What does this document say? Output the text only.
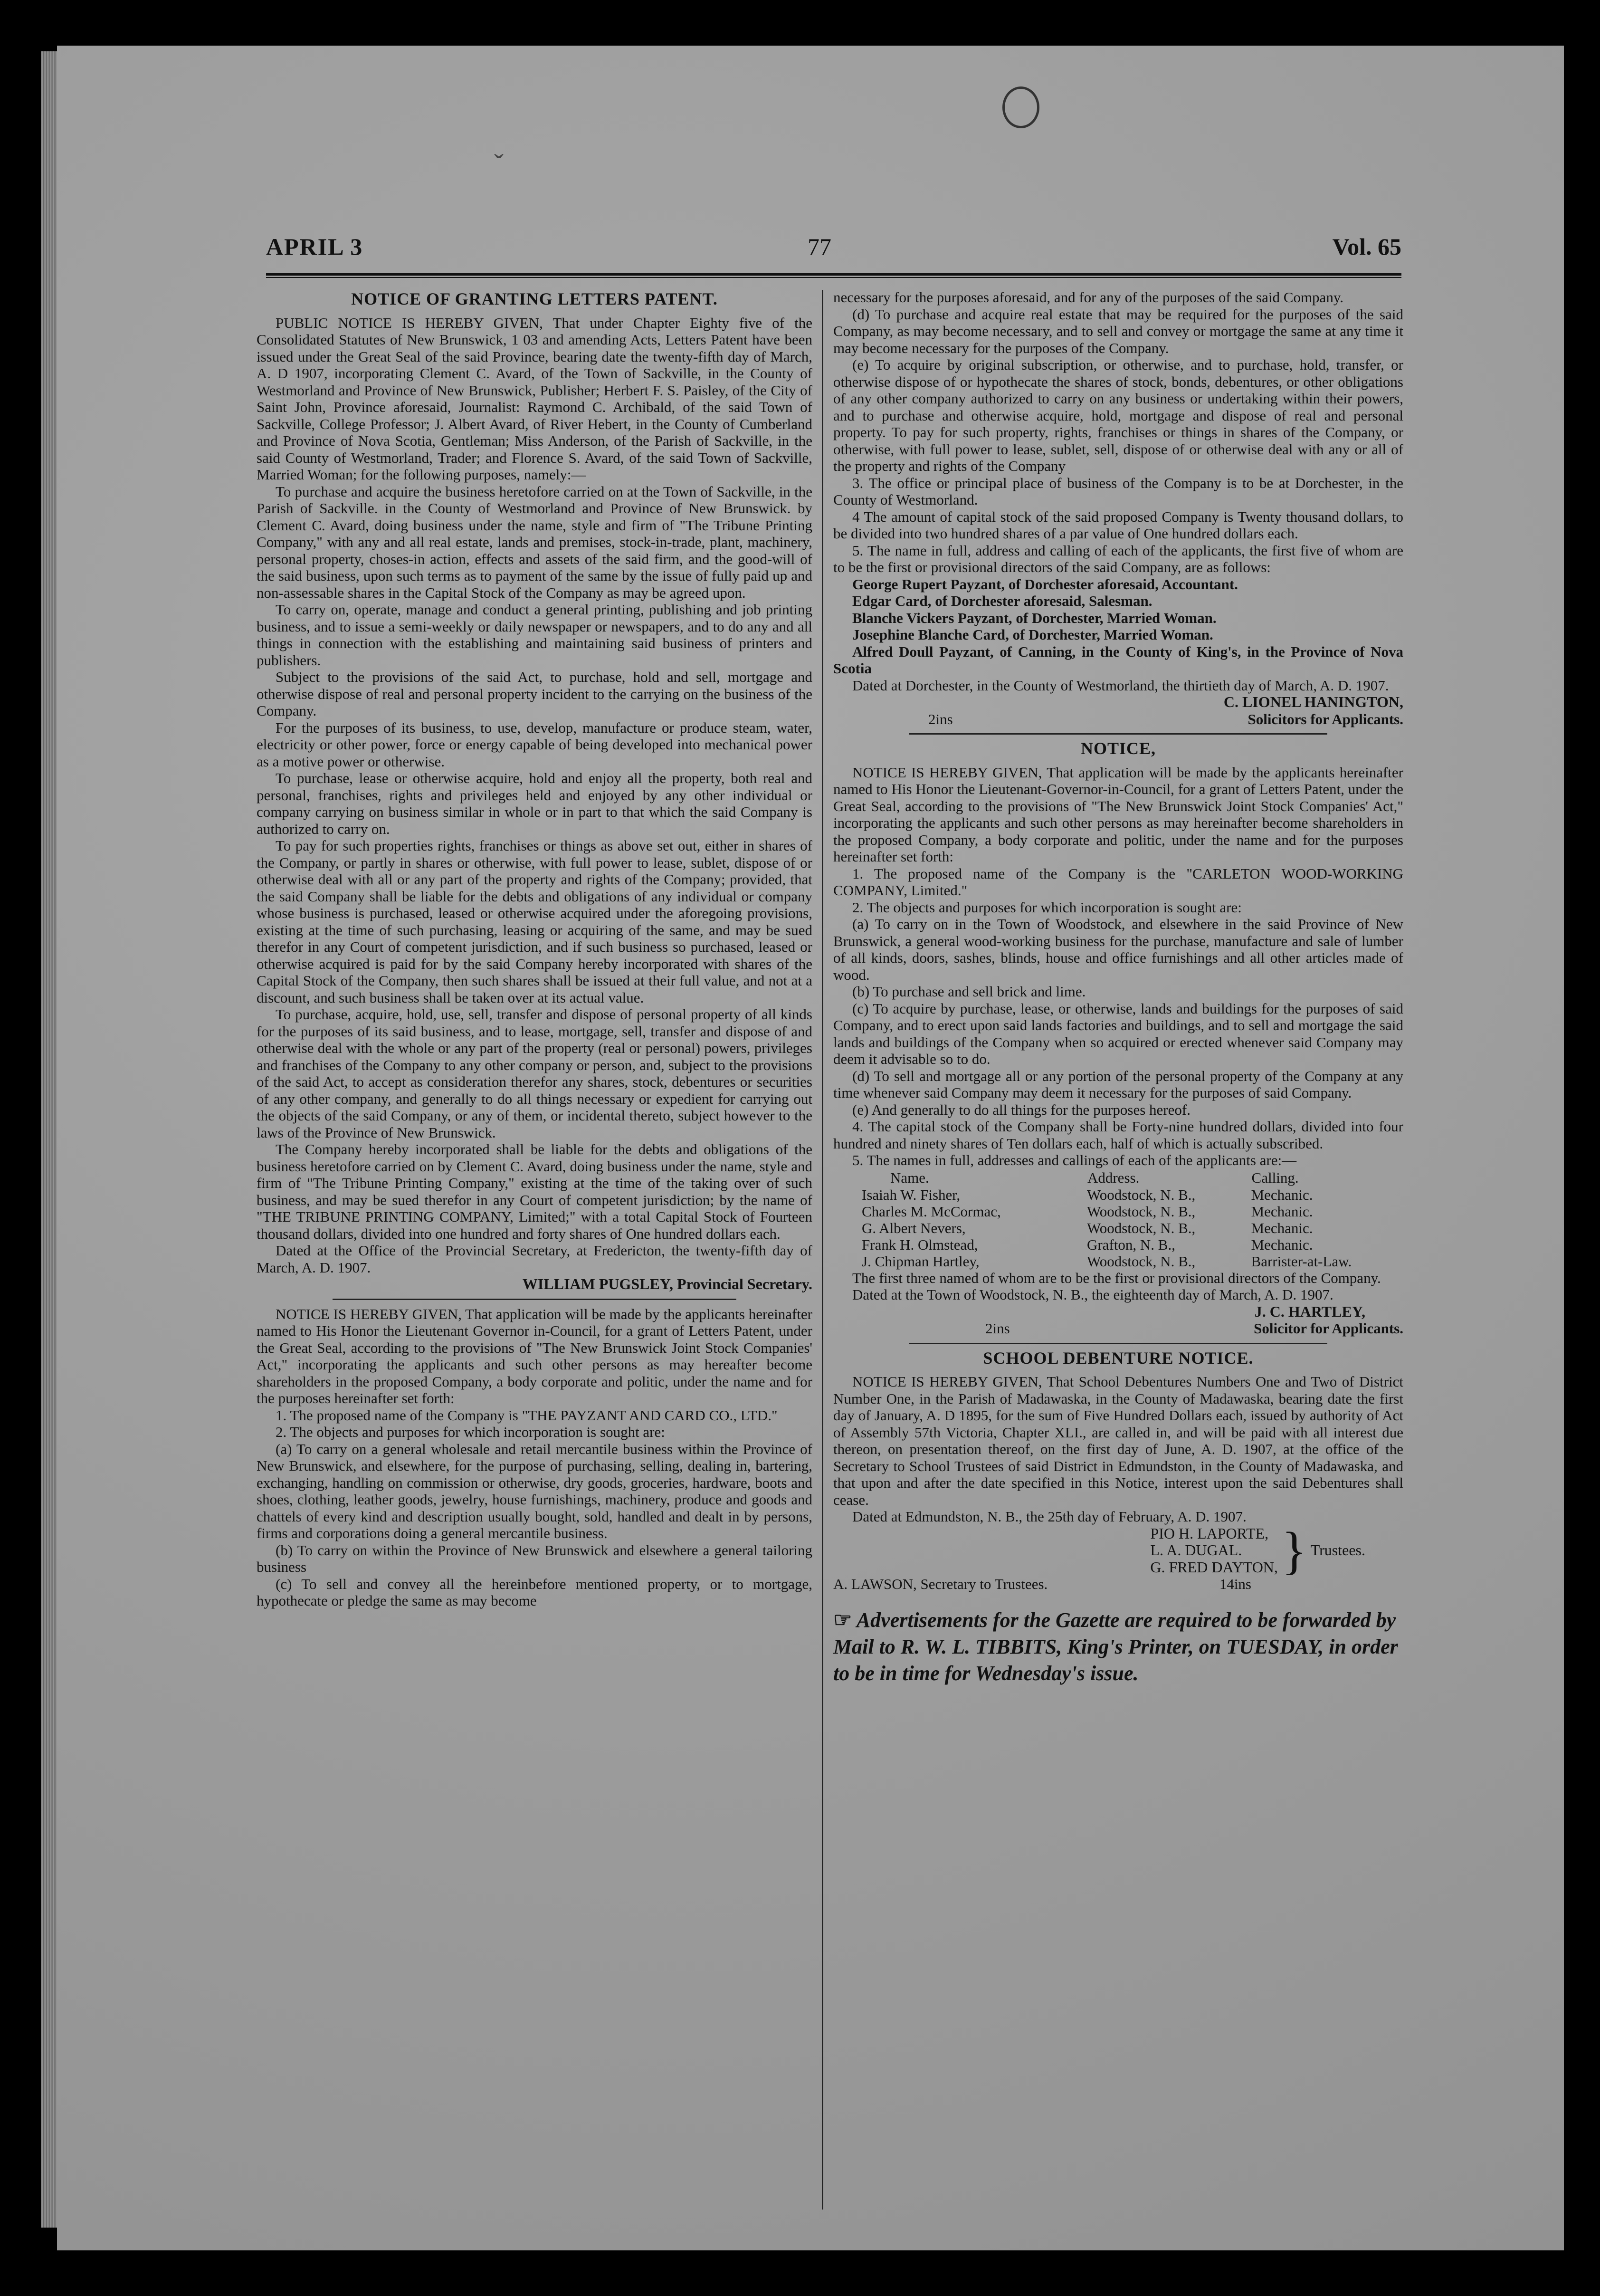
ˇ
APRIL 3	77	Vol. 65
NOTICE OF GRANTING LETTERS PATENT.

PUBLIC NOTICE IS HEREBY GIVEN, That under Chapter Eighty five of the Consolidated Statutes of New Brunswick, 1 03 and amending Acts, Letters Patent have been issued under the Great Seal of the said Province, bearing date the twenty-fifth day of March, A. D 1907, incorporating Clement C. Avard, of the Town of Sackville, in the County of Westmorland and Province of New Brunswick, Publisher; Herbert F. S. Paisley, of the City of Saint John, Province aforesaid, Journalist: Raymond C. Archibald, of the said Town of Sackville, College Professor; J. Albert Avard, of River Hebert, in the County of Cumberland and Province of Nova Scotia, Gentleman; Miss Anderson, of the Parish of Sackville, in the said County of Westmorland, Trader; and Florence S. Avard, of the said Town of Sackville, Married Woman; for the following purposes, namely:—

To purchase and acquire the business heretofore carried on at the Town of Sackville, in the Parish of Sackville. in the County of Westmorland and Province of New Brunswick. by Clement C. Avard, doing business under the name, style and firm of "The Tribune Printing Company," with any and all real estate, lands and premises, stock-in-trade, plant, machinery, personal property, choses-in action, effects and assets of the said firm, and the good-will of the said business, upon such terms as to payment of the same by the issue of fully paid up and non-assessable shares in the Capital Stock of the Company as may be agreed upon.

To carry on, operate, manage and conduct a general printing, publishing and job printing business, and to issue a semi-weekly or daily newspaper or newspapers, and to do any and all things in connection with the establishing and maintaining said business of printers and publishers.

Subject to the provisions of the said Act, to purchase, hold and sell, mortgage and otherwise dispose of real and personal property incident to the carrying on the business of the Company.

For the purposes of its business, to use, develop, manufacture or produce steam, water, electricity or other power, force or energy capable of being developed into mechanical power as a motive power or otherwise.

To purchase, lease or otherwise acquire, hold and enjoy all the property, both real and personal, franchises, rights and privileges held and enjoyed by any other individual or company carrying on business similar in whole or in part to that which the said Company is authorized to carry on.

To pay for such properties rights, franchises or things as above set out, either in shares of the Company, or partly in shares or otherwise, with full power to lease, sublet, dispose of or otherwise deal with all or any part of the property and rights of the Company; provided, that the said Company shall be liable for the debts and obligations of any individual or company whose business is purchased, leased or otherwise acquired under the aforegoing provisions, existing at the time of such purchasing, leasing or acquiring of the same, and may be sued therefor in any Court of competent jurisdiction, and if such business so purchased, leased or otherwise acquired is paid for by the said Company hereby incorporated with shares of the Capital Stock of the Company, then such shares shall be issued at their full value, and not at a discount, and such business shall be taken over at its actual value.

To purchase, acquire, hold, use, sell, transfer and dispose of personal property of all kinds for the purposes of its said business, and to lease, mortgage, sell, transfer and dispose of and otherwise deal with the whole or any part of the property (real or personal) powers, privileges and franchises of the Company to any other company or person, and, subject to the provisions of the said Act, to accept as consideration therefor any shares, stock, debentures or securities of any other company, and generally to do all things necessary or expedient for carrying out the objects of the said Company, or any of them, or incidental thereto, subject however to the laws of the Province of New Brunswick.

The Company hereby incorporated shall be liable for the debts and obligations of the business heretofore carried on by Clement C. Avard, doing business under the name, style and firm of "The Tribune Printing Company," existing at the time of the taking over of such business, and may be sued therefor in any Court of competent jurisdiction; by the name of "THE TRIBUNE PRINTING COMPANY, Limited;" with a total Capital Stock of Fourteen thousand dollars, divided into one hundred and forty shares of One hundred dollars each.

Dated at the Office of the Provincial Secretary, at Fredericton, the twenty-fifth day of March, A. D. 1907.

WILLIAM PUGSLEY, Provincial Secretary.

NOTICE IS HEREBY GIVEN, That application will be made by the applicants hereinafter named to His Honor the Lieutenant Governor in-Council, for a grant of Letters Patent, under the Great Seal, according to the provisions of "The New Brunswick Joint Stock Companies' Act," incorporating the applicants and such other persons as may hereafter become shareholders in the proposed Company, a body corporate and politic, under the name and for the purposes hereinafter set forth:

1. The proposed name of the Company is "THE PAYZANT AND CARD CO., LTD."

2. The objects and purposes for which incorporation is sought are:

(a) To carry on a general wholesale and retail mercantile business within the Province of New Brunswick, and elsewhere, for the purpose of purchasing, selling, dealing in, bartering, exchanging, handling on commission or otherwise, dry goods, groceries, hardware, boots and shoes, clothing, leather goods, jewelry, house furnishings, machinery, produce and goods and chattels of every kind and description usually bought, sold, handled and dealt in by persons, firms and corporations doing a general mercantile business.

(b) To carry on within the Province of New Brunswick and elsewhere a general tailoring business

(c) To sell and convey all the hereinbefore mentioned property, or to mortgage, hypothecate or pledge the same as may become

necessary for the purposes aforesaid, and for any of the purposes of the said Company.

(d) To purchase and acquire real estate that may be required for the purposes of the said Company, as may become necessary, and to sell and convey or mortgage the same at any time it may become necessary for the purposes of the Company.

(e) To acquire by original subscription, or otherwise, and to purchase, hold, transfer, or otherwise dispose of or hypothecate the shares of stock, bonds, debentures, or other obligations of any other company authorized to carry on any business or undertaking within their powers, and to purchase and otherwise acquire, hold, mortgage and dispose of real and personal property. To pay for such property, rights, franchises or things in shares of the Company, or otherwise, with full power to lease, sublet, sell, dispose of or otherwise deal with any or all of the property and rights of the Company

3. The office or principal place of business of the Company is to be at Dorchester, in the County of Westmorland.

4 The amount of capital stock of the said proposed Company is Twenty thousand dollars, to be divided into two hundred shares of a par value of One hundred dollars each.

5. The name in full, address and calling of each of the applicants, the first five of whom are to be the first or provisional directors of the said Company, are as follows:

George Rupert Payzant, of Dorchester aforesaid, Accountant.

Edgar Card, of Dorchester aforesaid, Salesman.

Blanche Vickers Payzant, of Dorchester, Married Woman.

Josephine Blanche Card, of Dorchester, Married Woman.

Alfred Doull Payzant, of Canning, in the County of King's, in the Province of Nova Scotia

Dated at Dorchester, in the County of Westmorland, the thirtieth day of March, A. D. 1907.

C. LIONEL HANINGTON,

2ins	Solicitors for Applicants.
NOTICE,

NOTICE IS HEREBY GIVEN, That application will be made by the applicants hereinafter named to His Honor the Lieutenant-Governor-in-Council, for a grant of Letters Patent, under the Great Seal, according to the provisions of "The New Brunswick Joint Stock Companies' Act," incorporating the applicants and such other persons as may hereinafter become shareholders in the proposed Company, a body corporate and politic, under the name and for the purposes hereinafter set forth:

1. The proposed name of the Company is the "CARLETON WOOD-WORKING COMPANY, Limited."

2. The objects and purposes for which incorporation is sought are:

(a) To carry on in the Town of Woodstock, and elsewhere in the said Province of New Brunswick, a general wood-working business for the purchase, manufacture and sale of lumber of all kinds, doors, sashes, blinds, house and office furnishings and all other articles made of wood.

(b) To purchase and sell brick and lime.

(c) To acquire by purchase, lease, or otherwise, lands and buildings for the purposes of said Company, and to erect upon said lands factories and buildings, and to sell and mortgage the said lands and buildings of the Company when so acquired or erected whenever said Company may deem it advisable so to do.

(d) To sell and mortgage all or any portion of the personal property of the Company at any time whenever said Company may deem it necessary for the purposes of said Company.

(e) And generally to do all things for the purposes hereof.

4. The capital stock of the Company shall be Forty-nine hundred dollars, divided into four hundred and ninety shares of Ten dollars each, half of which is actually subscribed.

5. The names in full, addresses and callings of each of the applicants are:—

Name.	Address.	Calling.
Isaiah W. Fisher,	Woodstock, N. B.,	Mechanic.
Charles M. McCormac,	Woodstock, N. B.,	Mechanic.
G. Albert Nevers,	Woodstock, N. B.,	Mechanic.
Frank H. Olmstead,	Grafton, N. B.,	Mechanic.
J. Chipman Hartley,	Woodstock, N. B.,	Barrister-at-Law.

The first three named of whom are to be the first or provisional directors of the Company.

Dated at the Town of Woodstock, N. B., the eighteenth day of March, A. D. 1907.

J. C. HARTLEY,

2ins	Solicitor for Applicants.
SCHOOL DEBENTURE NOTICE.

NOTICE IS HEREBY GIVEN, That School Debentures Numbers One and Two of District Number One, in the Parish of Madawaska, in the County of Madawaska, bearing date the first day of January, A. D 1895, for the sum of Five Hundred Dollars each, issued by authority of Act of Assembly 57th Victoria, Chapter XLI., are called in, and will be paid with all interest due thereon, on presentation thereof, on the first day of June, A. D. 1907, at the office of the Secretary to School Trustees of said District in Edmundston, in the County of Madawaska, and that upon and after the date specified in this Notice, interest upon the said Debentures shall cease.

Dated at Edmundston, N. B., the 25th day of February, A. D. 1907.

PIO H. LAPORTE,
L. A. DUGAL.
G. FRED DAYTON, } Trustees.
A. LAWSON, Secretary to Trustees.	14ins

☞ Advertisements for the Gazette are required to be forwarded by Mail to R. W. L. TIBBITS, King's Printer, on TUESDAY, in order to be in time for Wednesday's issue.
